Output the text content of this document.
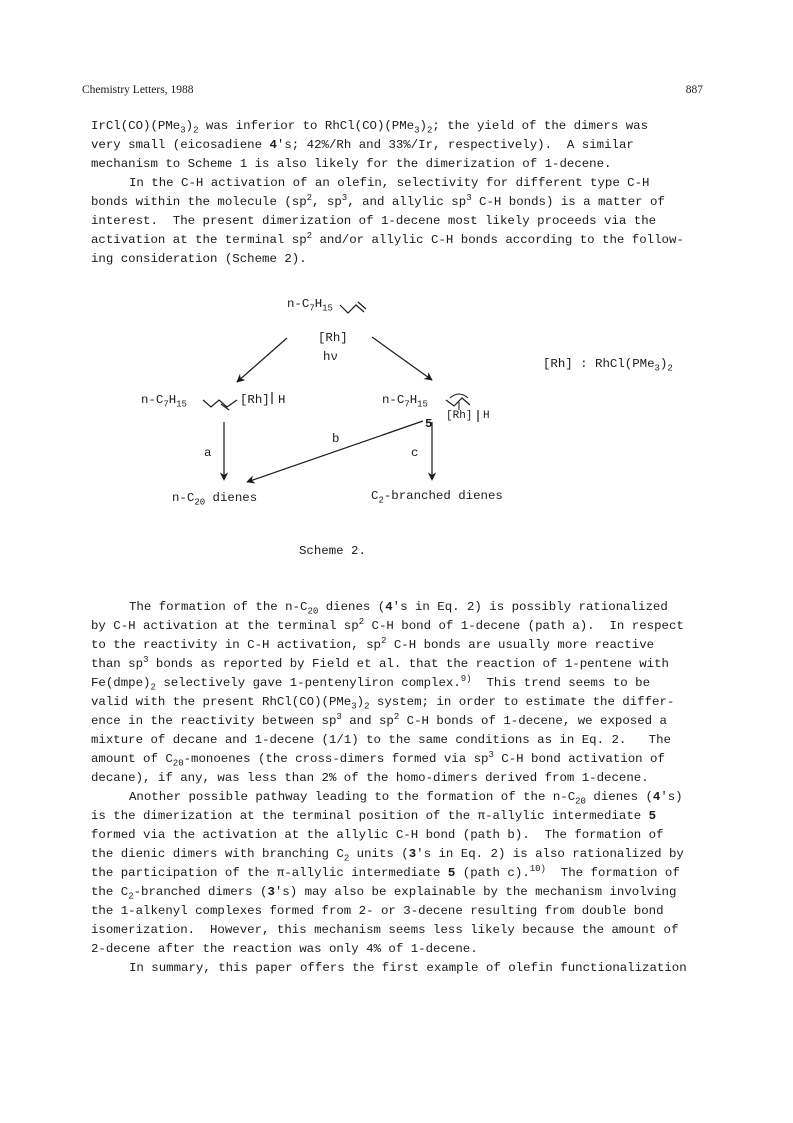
Chemistry Letters, 1988	887
$IrCl(CO)(PMe_3)_2$ was inferior to $RhCl(CO)(PMe_3)_2$; the yield of the dimers was
very small (eicosadiene 4's; 42%/Rh and 33%/Ir, respectively).  A similar
mechanism to Scheme 1 is also likely for the dimerization of 1-decene.
In the C-H activation of an olefin, selectivity for different type C-H
bonds within the molecule ($sp^2$, $sp^3$, and allylic $sp^3$ C-H bonds) is a matter of
interest.  The present dimerization of 1-decene most likely proceeds via the
activation at the terminal $sp^2$ and/or allylic C-H bonds according to the follow-
ing consideration (Scheme 2).
$n-C_7H_{15}$
[Rh]
hν	[Rh] : $RhCl(PMe_3)_2$
$n-C_7H_{15}$	[Rh] H	$n-C_7H_{15}$
[Rh] H
5
a
b
c
$n-C_{20}$ dienes	$C_2$-branched dienes
Scheme 2.
The formation of the $n-C_{20}$ dienes (4's in Eq. 2) is possibly rationalized
by C-H activation at the terminal $sp^2$ C-H bond of 1-decene (path a).  In respect
to the reactivity in C-H activation, $sp^2$ C-H bonds are usually more reactive
than $sp^3$ bonds as reported by Field et al. that the reaction of 1-pentene with
$Fe(dmpe)_2$ selectively gave 1-pentenyliron complex.$^{9)}$  This trend seems to be
valid with the present $RhCl(CO)(PMe_3)_2$ system; in order to estimate the differ-
ence in the reactivity between $sp^3$ and $sp^2$ C-H bonds of 1-decene, we exposed a
mixture of decane and 1-decene (1/1) to the same conditions as in Eq. 2.   The
amount of $C_{20}$-monoenes (the cross-dimers formed via $sp^3$ C-H bond activation of
decane), if any, was less than 2% of the homo-dimers derived from 1-decene.
Another possible pathway leading to the formation of the $n-C_{20}$ dienes (4's)
is the dimerization at the terminal position of the π-allylic intermediate 5
formed via the activation at the allylic C-H bond (path b).  The formation of
the dienic dimers with branching $C_2$ units (3's in Eq. 2) is also rationalized by
the participation of the π-allylic intermediate 5 (path c).$^{10)}$  The formation of
the $C_2$-branched dimers (3's) may also be explainable by the mechanism involving
the 1-alkenyl complexes formed from 2- or 3-decene resulting from double bond
isomerization.  However, this mechanism seems less likely because the amount of
2-decene after the reaction was only 4% of 1-decene.
In summary, this paper offers the first example of olefin functionalization
